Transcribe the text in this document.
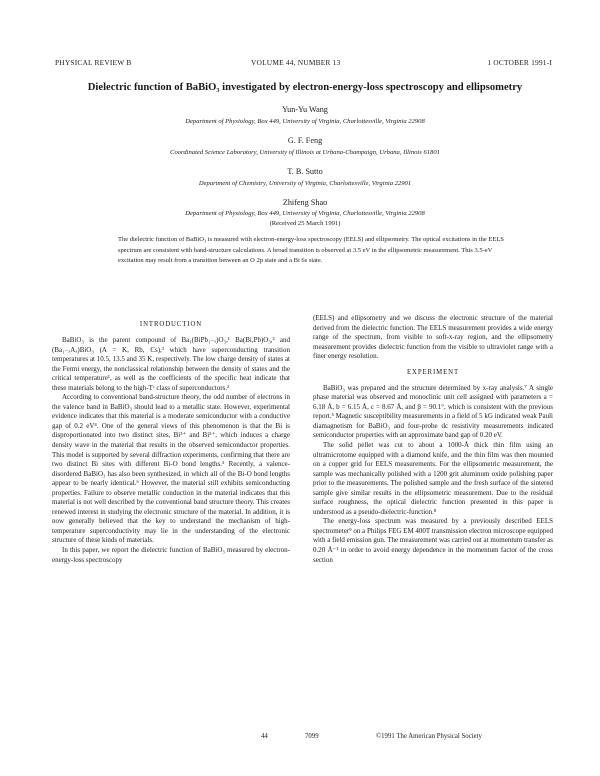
PHYSICAL REVIEW B	VOLUME 44, NUMBER 13	1 OCTOBER 1991-I
Dielectric function of BaBiO₃ investigated by electron-energy-loss spectroscopy and ellipsometry
Yun-Yu Wang
Department of Physiology, Box 449, University of Virginia, Charlottesville, Virginia 22908
G. F. Feng
Coordinated Science Laboratory, University of Illinois at Urbana-Champaign, Urbana, Illinois 61801
T. B. Sutto
Department of Chemistry, University of Virginia, Charlottesville, Virginia 22901
Zhifeng Shao
Department of Physiology, Box 449, University of Virginia, Charlottesville, Virginia 22908
(Received 25 March 1991)

The dielectric function of BaBiO₃ is measured with electron-energy-loss spectroscopy (EELS) and ellipsometry. The optical excitations in the EELS spectrum are consistent with band-structure calculations. A broad transition is observed at 3.5 eV in the ellipsometric measurement. This 3.5-eV excitation may result from a transition between an O 2p state and a Bi 6s state.

INTRODUCTION

BaBiO₃ is the parent compound of Ba₁(BiPb₁₋ₓ)O₃,¹ Ba(Bi,Pb)O₃,² and (Ba₁₋ₓAₓ)BiO₃ (A = K, Rb, Cs),³ which have superconducting transition temperatures at 10.5, 13.5 and 35 K, respectively. The low charge density of states at the Fermi energy, the nonclassical relationship between the density of states and the critical temperature¹, as well as the coefficients of the specific heat indicate that these materials belong to the high-Tᶜ class of superconductors.²

According to conventional band-structure theory, the odd number of electrons in the valence band in BaBiO₃ should lead to a metallic state. However, experimental evidence indicates that this material is a moderate semiconductor with a conductive gap of 0.2 eV⁴. One of the general views of this phenomenon is that the Bi is disproportionated into two distinct sites, Bi³⁺ and Bi⁵⁺, which induces a charge density wave in the material that results in the observed semiconductor properties. This model is supported by several diffraction experiments, confirming that there are two distinct Bi sites with different Bi-O bond lengths.⁵ Recently, a valence-disordered BaBiO₃ has also been synthesized, in which all of the Bi-O bond lengths appear to be nearly identical.⁶ However, the material still exhibits semiconducting properties. Failure to observe metallic conduction in the material indicates that this material is not well described by the conventional band structure theory. This creates renewed interest in studying the electronic structure of the material. In addition, it is now generally believed that the key to understand the mechanism of high-temperature superconductivity may lie in the understanding of the electronic structure of these kinds of materials.

In this paper, we report the dielectric function of BaBiO₃ measured by electron-energy-loss spectroscopy

(EELS) and ellipsometry and we discuss the electronic structure of the material derived from the dielectric function. The EELS measurement provides a wide energy range of the spectrum, from visible to soft-x-ray region, and the ellipsometry measurement provides dielectric function from the visible to ultraviolet range with a finer energy resolution.

EXPERIMENT

BaBiO₃ was prepared and the structure determined by x-ray analysis.⁷ A single phase material was observed and monoclinic unit cell assigned with parameters a = 6.18 Å, b = 6.15 Å, c = 8.67 Å, and β = 90.1°, which is consistent with the previous report.⁵ Magnetic susceptibility measurements in a field of 5 kG indicated weak Pauli diamagnetism for BaBiO₃ and four-probe dc resistivity measurements indicated semiconductor properties with an approximate band gap of 0.20 eV.

The solid pellet was cut to about a 1000-Å thick thin film using an ultramicrotome equipped with a diamond knife, and the thin film was then mounted on a copper grid for EELS measurements. For the ellipsometric measurement, the sample was mechanically polished with a 1200 grit aluminum oxide polishing paper prior to the measurements. The polished sample and the fresh surface of the sintered sample give similar results in the ellipsometric measurement. Due to the residual surface roughness, the optical dielectric function presented in this paper is understood as a pseudo-dielectric-function.⁸

The energy-loss spectrum was measured by a previously described EELS spectrometer⁹ on a Philips FEG EM 400T transmission electron microscope equipped with a field emission gun. The measurement was carried out at momentum transfer as 0.20 Å⁻¹ in order to avoid energy dependence in the momentum factor of the cross section

44	7099	©1991 The American Physical Society
